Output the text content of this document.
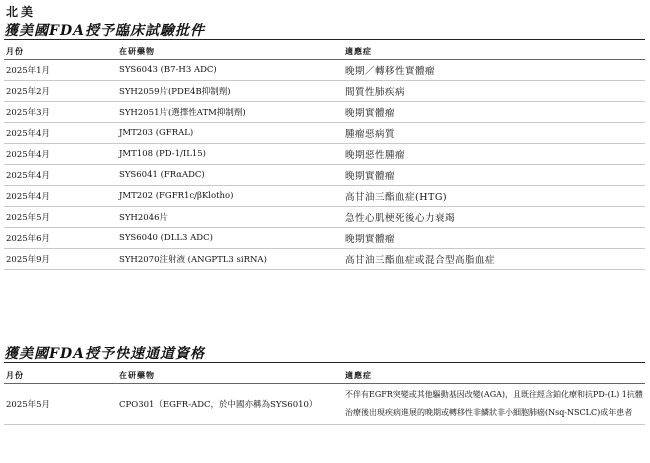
北美
獲美國FDA授予臨床試驗批件
月份	在研藥物	適應症
2025年1月	SYS6043 (B7-H3 ADC)	晚期／轉移性實體瘤
2025年2月	SYH2059片(PDE4B抑制劑)	間質性肺疾病
2025年3月	SYH2051片(選擇性ATM抑制劑)	晚期實體瘤
2025年4月	JMT203 (GFRAL)	腫瘤惡病質
2025年4月	JMT108 (PD-1/IL15)	晚期惡性腫瘤
2025年4月	SYS6041 (FRαADC)	晚期實體瘤
2025年4月	JMT202 (FGFR1c/βKlotho)	高甘油三酯血症(HTG)
2025年5月	SYH2046片	急性心肌梗死後心力衰竭
2025年6月	SYS6040 (DLL3 ADC)	晚期實體瘤
2025年9月	SYH2070注射液 (ANGPTL3 siRNA)	高甘油三酯血症或混合型高脂血症
獲美國FDA授予快速通道資格
月份	在研藥物	適應症
2025年5月	CPO301（EGFR-ADC，於中國亦稱為SYS6010）	不伴有EGFR突變或其他驅動基因改變(AGA)，且既往經含鉑化療和抗PD-(L) 1抗體治療後出現疾病進展的晚期或轉移性非鱗狀非小細胞肺癌(Nsq-NSCLC)成年患者
